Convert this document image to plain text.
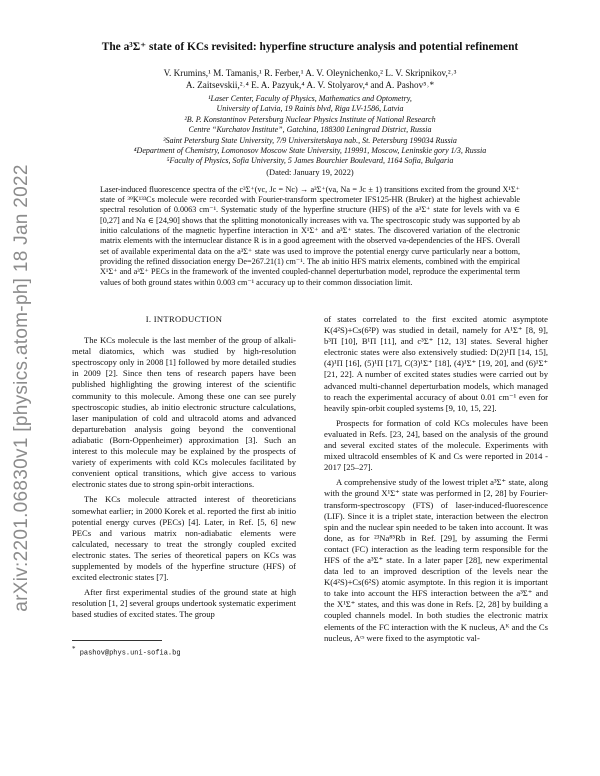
arXiv:2201.06830v1 [physics.atom-ph] 18 Jan 2022
The a³Σ⁺ state of KCs revisited: hyperfine structure analysis and potential refinement
V. Krumins,¹ M. Tamanis,¹ R. Ferber,¹ A. V. Oleynichenko,² L. V. Skripnikov,²˒³
A. Zaitsevskii,²˒⁴ E. A. Pazyuk,⁴ A. V. Stolyarov,⁴ and A. Pashov⁵˒*
¹Laser Center, Faculty of Physics, Mathematics and Optometry,
University of Latvia, 19 Rainis blvd, Riga LV-1586, Latvia
²B. P. Konstantinov Petersburg Nuclear Physics Institute of National Research
Centre “Kurchatov Institute”, Gatchina, 188300 Leningrad District, Russia
³Saint Petersburg State University, 7/9 Universitetskaya nab., St. Petersburg 199034 Russia
⁴Department of Chemistry, Lomonosov Moscow State University, 119991, Moscow, Leninskie gory 1/3, Russia
⁵Faculty of Physics, Sofia University, 5 James Bourchier Boulevard, 1164 Sofia, Bulgaria
(Dated: January 19, 2022)
Laser-induced fluorescence spectra of the c³Σ⁺(vc, Jc = Nc) → a³Σ⁺(va, Na = Jc ± 1) transitions excited from the ground X¹Σ⁺ state of ³⁹K¹³³Cs molecule were recorded with Fourier-transform spectrometer IFS125-HR (Bruker) at the highest achievable spectral resolution of 0.0063 cm⁻¹. Systematic study of the hyperfine structure (HFS) of the a³Σ⁺ state for levels with va ∈ [0,27] and Na ∈ [24,90] shows that the splitting monotonically increases with va. The spectroscopic study was supported by ab initio calculations of the magnetic hyperfine interaction in X¹Σ⁺ and a³Σ⁺ states. The discovered variation of the electronic matrix elements with the internuclear distance R is in a good agreement with the observed va-dependencies of the HFS. Overall set of available experimental data on the a³Σ⁺ state was used to improve the potential energy curve particularly near a bottom, providing the refined dissociation energy De=267.21(1) cm⁻¹. The ab initio HFS matrix elements, combined with the empirical X¹Σ⁺ and a³Σ⁺ PECs in the framework of the invented coupled-channel deperturbation model, reproduce the experimental term values of both ground states within 0.003 cm⁻¹ accuracy up to their common dissociation limit.
I. INTRODUCTION

The KCs molecule is the last member of the group of alkali-metal diatomics, which was studied by high-resolution spectroscopy only in 2008 [1] followed by more detailed studies in 2009 [2]. Since then tens of research papers have been published highlighting the growing interest of the scientific community to this molecule. Among these one can see purely spectroscopic studies, ab initio electronic structure calculations, laser manipulation of cold and ultracold atoms and advanced departurebation analysis going beyond the conventional adiabatic (Born-Oppenheimer) approximation [3]. Such an interest to this molecule may be explained by the prospects of variety of experiments with cold KCs molecules facilitated by convenient optical transitions, which give access to various electronic states due to strong spin-orbit interactions.

The KCs molecule attracted interest of theoreticians somewhat earlier; in 2000 Korek et al. reported the first ab initio potential energy curves (PECs) [4]. Later, in Ref. [5, 6] new PECs and various matrix non-adiabatic elements were calculated, necessary to treat the strongly coupled excited electronic states. The series of theoretical papers on KCs was supplemented by models of the hyperfine structure (HFS) of excited electronic states [7].

After first experimental studies of the ground state at high resolution [1, 2] several groups undertook systematic experiment based studies of excited states. The group

of states correlated to the first excited atomic asymptote K(4²S)+Cs(6²P) was studied in detail, namely for A¹Σ⁺ [8, 9], b³Π [10], B¹Π [11], and c³Σ⁺ [12, 13] states. Several higher electronic states were also extensively studied: D(2)¹Π [14, 15], (4)¹Π [16], (5)¹Π [17], C(3)¹Σ⁺ [18], (4)¹Σ⁺ [19, 20], and (6)¹Σ⁺ [21, 22]. A number of excited states studies were carried out by advanced multi-channel deperturbation models, which managed to reach the experimental accuracy of about 0.01 cm⁻¹ even for heavily spin-orbit coupled systems [9, 10, 15, 22].

Prospects for formation of cold KCs molecules have been evaluated in Refs. [23, 24], based on the analysis of the ground and several excited states of the molecule. Experiments with mixed ultracold ensembles of K and Cs were reported in 2014 - 2017 [25–27].

A comprehensive study of the lowest triplet a³Σ⁺ state, along with the ground X¹Σ⁺ state was performed in [2, 28] by Fourier-transform-spectroscopy (FTS) of laser-induced-fluorescence (LIF). Since it is a triplet state, interaction between the electron spin and the nuclear spin needed to be taken into account. It was done, as for ²³Na⁸⁵Rb in Ref. [29], by assuming the Fermi contact (FC) interaction as the leading term responsible for the HFS of the a³Σ⁺ state. In a later paper [28], new experimental data led to an improved description of the levels near the K(4²S)+Cs(6²S) atomic asymptote. In this region it is important to take into account the HFS interaction between the a³Σ⁺ and the X¹Σ⁺ states, and this was done in Refs. [2, 28] by building a coupled channels model. In both studies the electronic matrix elements of the FC interaction with the K nucleus, Aᴷ and the Cs nucleus, Aᶜˢ were fixed to the asymptotic val-

* pashov@phys.uni-sofia.bg
